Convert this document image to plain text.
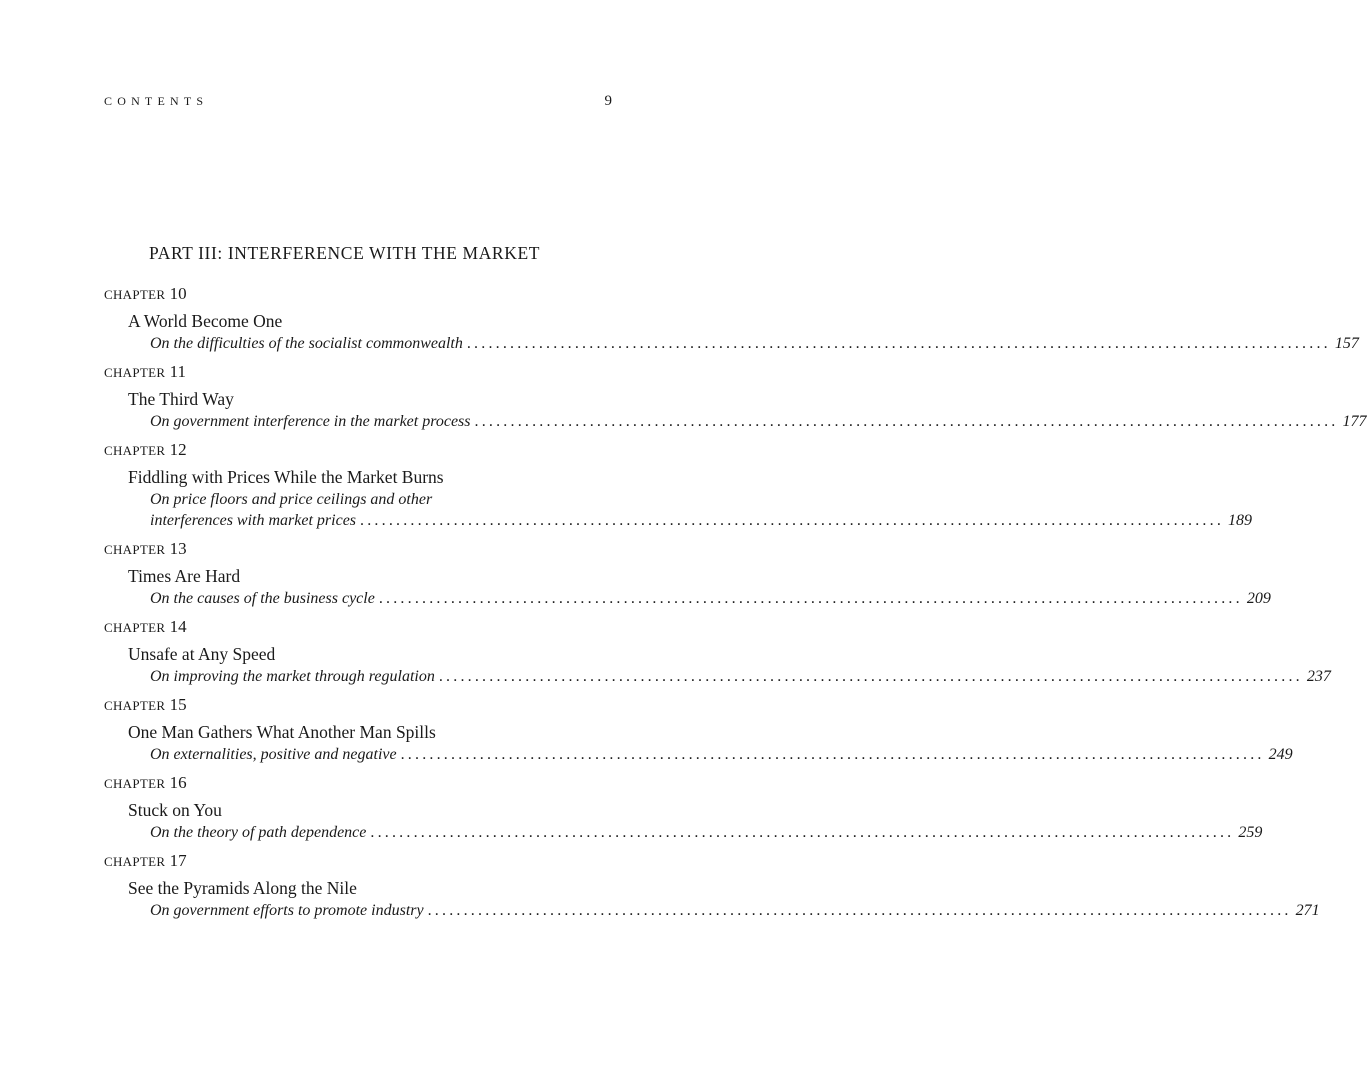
CONTENTS	9
PART III: INTERFERENCE WITH THE MARKET
CHAPTER 10
A World Become One
On the difficulties of the socialist commonwealth ........................................................................................................................ 157
CHAPTER 11
The Third Way
On government interference in the market process ........................................................................................................................ 177
CHAPTER 12
Fiddling with Prices While the Market Burns
On price floors and price ceilings and other
interferences with market prices ........................................................................................................................ 189
CHAPTER 13
Times Are Hard
On the causes of the business cycle ........................................................................................................................ 209
CHAPTER 14
Unsafe at Any Speed
On improving the market through regulation ........................................................................................................................ 237
CHAPTER 15
One Man Gathers What Another Man Spills
On externalities, positive and negative ........................................................................................................................ 249
CHAPTER 16
Stuck on You
On the theory of path dependence ........................................................................................................................ 259
CHAPTER 17
See the Pyramids Along the Nile
On government efforts to promote industry ........................................................................................................................ 271
